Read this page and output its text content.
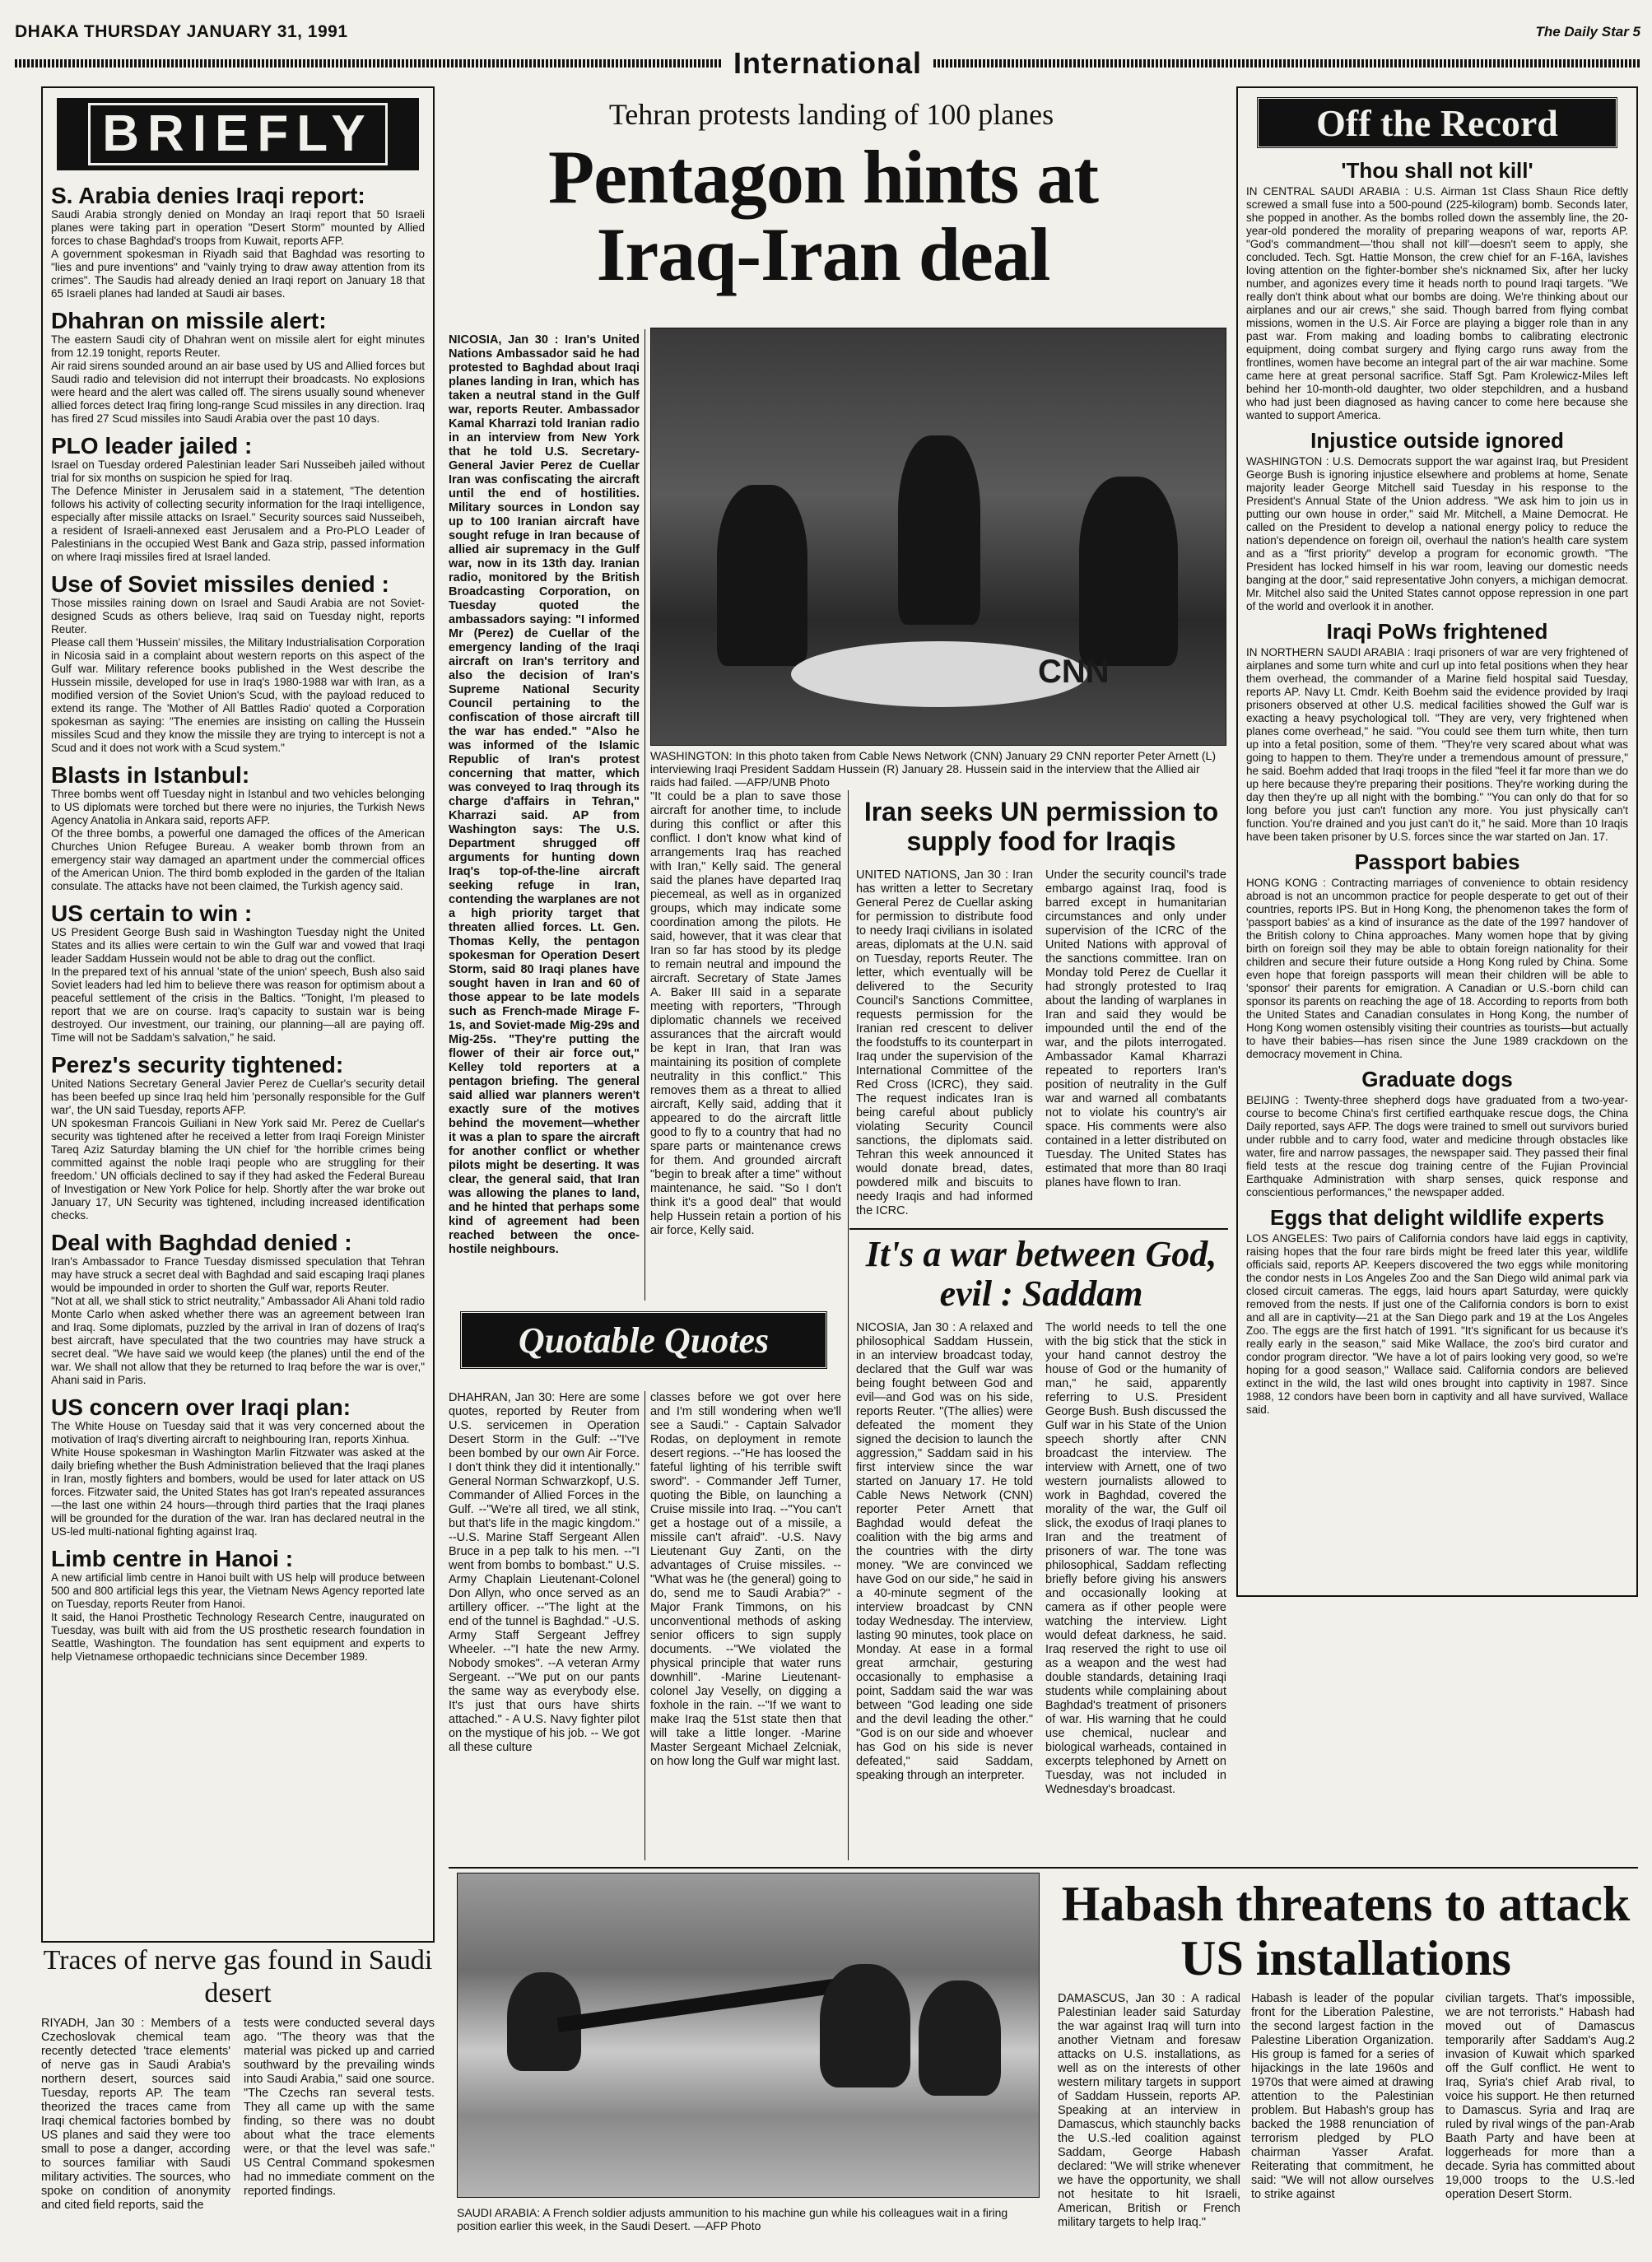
DHAKA THURSDAY JANUARY 31, 1991	The Daily Star 5
International
BRIEFLY
S. Arabia denies Iraqi report:

Saudi Arabia strongly denied on Monday an Iraqi report that 50 Israeli planes were taking part in operation "Desert Storm" mounted by Allied forces to chase Baghdad's troops from Kuwait, reports AFP.
A government spokesman in Riyadh said that Baghdad was resorting to "lies and pure inventions" and "vainly trying to draw away attention from its crimes". The Saudis had already denied an Iraqi report on January 18 that 65 Israeli planes had landed at Saudi air bases.

Dhahran on missile alert:

The eastern Saudi city of Dhahran went on missile alert for eight minutes from 12.19 tonight, reports Reuter.
Air raid sirens sounded around an air base used by US and Allied forces but Saudi radio and television did not interrupt their broadcasts. No explosions were heard and the alert was called off. The sirens usually sound whenever allied forces detect Iraq firing long-range Scud missiles in any direction. Iraq has fired 27 Scud missiles into Saudi Arabia over the past 10 days.

PLO leader jailed :

Israel on Tuesday ordered Palestinian leader Sari Nusseibeh jailed without trial for six months on suspicion he spied for Iraq.
The Defence Minister in Jerusalem said in a statement, "The detention follows his activity of collecting security information for the Iraqi intelligence, especially after missile attacks on Israel." Security sources said Nusseibeh, a resident of Israeli-annexed east Jerusalem and a Pro-PLO Leader of Palestinians in the occupied West Bank and Gaza strip, passed information on where Iraqi missiles fired at Israel landed.

Use of Soviet missiles denied :

Those missiles raining down on Israel and Saudi Arabia are not Soviet-designed Scuds as others believe, Iraq said on Tuesday night, reports Reuter.
Please call them 'Hussein' missiles, the Military Industrialisation Corporation in Nicosia said in a complaint about western reports on this aspect of the Gulf war. Military reference books published in the West describe the Hussein missile, developed for use in Iraq's 1980-1988 war with Iran, as a modified version of the Soviet Union's Scud, with the payload reduced to extend its range. The 'Mother of All Battles Radio' quoted a Corporation spokesman as saying: "The enemies are insisting on calling the Hussein missiles Scud and they know the missile they are trying to intercept is not a Scud and it does not work with a Scud system."

Blasts in Istanbul:

Three bombs went off Tuesday night in Istanbul and two vehicles belonging to US diplomats were torched but there were no injuries, the Turkish News Agency Anatolia in Ankara said, reports AFP.
Of the three bombs, a powerful one damaged the offices of the American Churches Union Refugee Bureau. A weaker bomb thrown from an emergency stair way damaged an apartment under the commercial offices of the American Union. The third bomb exploded in the garden of the Italian consulate. The attacks have not been claimed, the Turkish agency said.

US certain to win :

US President George Bush said in Washington Tuesday night the United States and its allies were certain to win the Gulf war and vowed that Iraqi leader Saddam Hussein would not be able to drag out the conflict.
In the prepared text of his annual 'state of the union' speech, Bush also said Soviet leaders had led him to believe there was reason for optimism about a peaceful settlement of the crisis in the Baltics. "Tonight, I'm pleased to report that we are on course. Iraq's capacity to sustain war is being destroyed. Our investment, our training, our planning—all are paying off. Time will not be Saddam's salvation," he said.

Perez's security tightened:

United Nations Secretary General Javier Perez de Cuellar's security detail has been beefed up since Iraq held him 'personally responsible for the Gulf war', the UN said Tuesday, reports AFP.
UN spokesman Francois Guiliani in New York said Mr. Perez de Cuellar's security was tightened after he received a letter from Iraqi Foreign Minister Tareq Aziz Saturday blaming the UN chief for 'the horrible crimes being committed against the noble Iraqi people who are struggling for their freedom.' UN officials declined to say if they had asked the Federal Bureau of Investigation or New York Police for help. Shortly after the war broke out January 17, UN Security was tightened, including increased identification checks.

Deal with Baghdad denied :

Iran's Ambassador to France Tuesday dismissed speculation that Tehran may have struck a secret deal with Baghdad and said escaping Iraqi planes would be impounded in order to shorten the Gulf war, reports Reuter.
"Not at all, we shall stick to strict neutrality," Ambassador Ali Ahani told radio Monte Carlo when asked whether there was an agreement between Iran and Iraq. Some diplomats, puzzled by the arrival in Iran of dozens of Iraq's best aircraft, have speculated that the two countries may have struck a secret deal. "We have said we would keep (the planes) until the end of the war. We shall not allow that they be returned to Iraq before the war is over," Ahani said in Paris.

US concern over Iraqi plan:

The White House on Tuesday said that it was very concerned about the motivation of Iraq's diverting aircraft to neighbouring Iran, reports Xinhua.
White House spokesman in Washington Marlin Fitzwater was asked at the daily briefing whether the Bush Administration believed that the Iraqi planes in Iran, mostly fighters and bombers, would be used for later attack on US forces. Fitzwater said, the United States has got Iran's repeated assurances—the last one within 24 hours—through third parties that the Iraqi planes will be grounded for the duration of the war. Iran has declared neutral in the US-led multi-national fighting against Iraq.

Limb centre in Hanoi :

A new artificial limb centre in Hanoi built with US help will produce between 500 and 800 artificial legs this year, the Vietnam News Agency reported late on Tuesday, reports Reuter from Hanoi.
It said, the Hanoi Prosthetic Technology Research Centre, inaugurated on Tuesday, was built with aid from the US prosthetic research foundation in Seattle, Washington. The foundation has sent equipment and experts to help Vietnamese orthopaedic technicians since December 1989.

Traces of nerve gas found in Saudi desert
RIYADH, Jan 30 : Members of a Czechoslovak chemical team recently detected 'trace elements' of nerve gas in Saudi Arabia's northern desert, sources said Tuesday, reports AP. The team theorized the traces came from Iraqi chemical factories bombed by US planes and said they were too small to pose a danger, according to sources familiar with Saudi military activities. The sources, who spoke on condition of anonymity and cited field reports, said the
tests were conducted several days ago. "The theory was that the material was picked up and carried southward by the prevailing winds into Saudi Arabia," said one source. "The Czechs ran several tests. They all came up with the same finding, so there was no doubt about what the trace elements were, or that the level was safe." US Central Command spokesmen had no immediate comment on the reported findings.
Tehran protests landing of 100 planes
Pentagon hints at Iraq-Iran deal
NICOSIA, Jan 30 : Iran's United Nations Ambassador said he had protested to Baghdad about Iraqi planes landing in Iran, which has taken a neutral stand in the Gulf war, reports Reuter. Ambassador Kamal Kharrazi told Iranian radio in an interview from New York that he told U.S. Secretary-General Javier Perez de Cuellar Iran was confiscating the aircraft until the end of hostilities. Military sources in London say up to 100 Iranian aircraft have sought refuge in Iran because of allied air supremacy in the Gulf war, now in its 13th day. Iranian radio, monitored by the British Broadcasting Corporation, on Tuesday quoted the ambassadors saying: "I informed Mr (Perez) de Cuellar of the emergency landing of the Iraqi aircraft on Iran's territory and also the decision of Iran's Supreme National Security Council pertaining to the confiscation of those aircraft till the war has ended." "Also he was informed of the Islamic Republic of Iran's protest concerning that matter, which was conveyed to Iraq through its charge d'affairs in Tehran," Kharrazi said. AP from Washington says: The U.S. Department shrugged off arguments for hunting down Iraq's top-of-the-line aircraft seeking refuge in Iran, contending the warplanes are not a high priority target that threaten allied forces. Lt. Gen. Thomas Kelly, the pentagon spokesman for Operation Desert Storm, said 80 Iraqi planes have sought haven in Iran and 60 of those appear to be late models such as French-made Mirage F-1s, and Soviet-made Mig-29s and Mig-25s. "They're putting the flower of their air force out," Kelley told reporters at a pentagon briefing. The general said allied war planners weren't exactly sure of the motives behind the movement—whether it was a plan to spare the aircraft for another conflict or whether pilots might be deserting. It was clear, the general said, that Iran was allowing the planes to land, and he hinted that perhaps some kind of agreement had been reached between the once-hostile neighbours.
CNN
WASHINGTON: In this photo taken from Cable News Network (CNN) January 29 CNN reporter Peter Arnett (L) interviewing Iraqi President Saddam Hussein (R) January 28. Hussein said in the interview that the Allied air raids had failed. —AFP/UNB Photo
"It could be a plan to save those aircraft for another time, to include during this conflict or after this conflict. I don't know what kind of arrangements Iraq has reached with Iran," Kelly said. The general said the planes have departed Iraq piecemeal, as well as in organized groups, which may indicate some coordination among the pilots. He said, however, that it was clear that Iran so far has stood by its pledge to remain neutral and impound the aircraft. Secretary of State James A. Baker III said in a separate meeting with reporters, "Through diplomatic channels we received assurances that the aircraft would be kept in Iran, that Iran was maintaining its position of complete neutrality in this conflict." This removes them as a threat to allied aircraft, Kelly said, adding that it appeared to do the aircraft little good to fly to a country that had no spare parts or maintenance crews for them. And grounded aircraft "begin to break after a time" without maintenance, he said. "So I don't think it's a good deal" that would help Hussein retain a portion of his air force, Kelly said.
Iran seeks UN permission to supply food for Iraqis
UNITED NATIONS, Jan 30 : Iran has written a letter to Secretary General Perez de Cuellar asking for permission to distribute food to needy Iraqi civilians in isolated areas, diplomats at the U.N. said on Tuesday, reports Reuter. The letter, which eventually will be delivered to the Security Council's Sanctions Committee, requests permission for the Iranian red crescent to deliver the foodstuffs to its counterpart in Iraq under the supervision of the International Committee of the Red Cross (ICRC), they said. The request indicates Iran is being careful about publicly violating Security Council sanctions, the diplomats said. Tehran this week announced it would donate bread, dates, powdered milk and biscuits to needy Iraqis and had informed the ICRC.
Under the security council's trade embargo against Iraq, food is barred except in humanitarian circumstances and only under supervision of the ICRC of the United Nations with approval of the sanctions committee. Iran on Monday told Perez de Cuellar it had strongly protested to Iraq about the landing of warplanes in Iran and said they would be impounded until the end of the war, and the pilots interrogated. Ambassador Kamal Kharrazi repeated to reporters Iran's position of neutrality in the Gulf war and warned all combatants not to violate his country's air space. His comments were also contained in a letter distributed on Tuesday. The United States has estimated that more than 80 Iraqi planes have flown to Iran.
It's a war between God, evil : Saddam
NICOSIA, Jan 30 : A relaxed and philosophical Saddam Hussein, in an interview broadcast today, declared that the Gulf war was being fought between God and evil—and God was on his side, reports Reuter. "(The allies) were defeated the moment they signed the decision to launch the aggression," Saddam said in his first interview since the war started on January 17. He told Cable News Network (CNN) reporter Peter Arnett that Baghdad would defeat the coalition with the big arms and the countries with the dirty money. "We are convinced we have God on our side," he said in a 40-minute segment of the interview broadcast by CNN today Wednesday. The interview, lasting 90 minutes, took place on Monday. At ease in a formal great armchair, gesturing occasionally to emphasise a point, Saddam said the war was between "God leading one side and the devil leading the other." "God is on our side and whoever has God on his side is never defeated," said Saddam, speaking through an interpreter.
The world needs to tell the one with the big stick that the stick in your hand cannot destroy the house of God or the humanity of man," he said, apparently referring to U.S. President George Bush. Bush discussed the Gulf war in his State of the Union speech shortly after CNN broadcast the interview. The interview with Arnett, one of two western journalists allowed to work in Baghdad, covered the morality of the war, the Gulf oil slick, the exodus of Iraqi planes to Iran and the treatment of prisoners of war. The tone was philosophical, Saddam reflecting briefly before giving his answers and occasionally looking at camera as if other people were watching the interview. Light would defeat darkness, he said. Iraq reserved the right to use oil as a weapon and the west had double standards, detaining Iraqi students while complaining about Baghdad's treatment of prisoners of war. His warning that he could use chemical, nuclear and biological warheads, contained in excerpts telephoned by Arnett on Tuesday, was not included in Wednesday's broadcast.
Quotable Quotes
DHAHRAN, Jan 30: Here are some quotes, reported by Reuter from U.S. servicemen in Operation Desert Storm in the Gulf: --"I've been bombed by our own Air Force. I don't think they did it intentionally." General Norman Schwarzkopf, U.S. Commander of Allied Forces in the Gulf. --"We're all tired, we all stink, but that's life in the magic kingdom." --U.S. Marine Staff Sergeant Allen Bruce in a pep talk to his men. --"I went from bombs to bombast." U.S. Army Chaplain Lieutenant-Colonel Don Allyn, who once served as an artillery officer. --"The light at the end of the tunnel is Baghdad." -U.S. Army Staff Sergeant Jeffrey Wheeler. --"I hate the new Army. Nobody smokes". --A veteran Army Sergeant. --"We put on our pants the same way as everybody else. It's just that ours have shirts attached." - A U.S. Navy fighter pilot on the mystique of his job. -- We got all these culture
classes before we got over here and I'm still wondering when we'll see a Saudi." - Captain Salvador Rodas, on deployment in remote desert regions. --"He has loosed the fateful lighting of his terrible swift sword". - Commander Jeff Turner, quoting the Bible, on launching a Cruise missile into Iraq. --"You can't get a hostage out of a missile, a missile can't afraid". -U.S. Navy Lieutenant Guy Zanti, on the advantages of Cruise missiles. --"What was he (the general) going to do, send me to Saudi Arabia?" - Major Frank Timmons, on his unconventional methods of asking senior officers to sign supply documents. --"We violated the physical principle that water runs downhill". -Marine Lieutenant-colonel Jay Veselly, on digging a foxhole in the rain. --"If we want to make Iraq the 51st state then that will take a little longer. -Marine Master Sergeant Michael Zelcniak, on how long the Gulf war might last.
SAUDI ARABIA: A French soldier adjusts ammunition to his machine gun while his colleagues wait in a firing position earlier this week, in the Saudi Desert. —AFP Photo
Habash threatens to attack US installations
DAMASCUS, Jan 30 : A radical Palestinian leader said Saturday the war against Iraq will turn into another Vietnam and foresaw attacks on U.S. installations, as well as on the interests of other western military targets in support of Saddam Hussein, reports AP. Speaking at an interview in Damascus, which staunchly backs the U.S.-led coalition against Saddam, George Habash declared: "We will strike whenever we have the opportunity, we shall not hesitate to hit Israeli, American, British or French military targets to help Iraq."
Habash is leader of the popular front for the Liberation Palestine, the second largest faction in the Palestine Liberation Organization. His group is famed for a series of hijackings in the late 1960s and 1970s that were aimed at drawing attention to the Palestinian problem. But Habash's group has backed the 1988 renunciation of terrorism pledged by PLO chairman Yasser Arafat. Reiterating that commitment, he said: "We will not allow ourselves to strike against
civilian targets. That's impossible, we are not terrorists." Habash had moved out of Damascus temporarily after Saddam's Aug.2 invasion of Kuwait which sparked off the Gulf conflict. He went to Iraq, Syria's chief Arab rival, to voice his support. He then returned to Damascus. Syria and Iraq are ruled by rival wings of the pan-Arab Baath Party and have been at loggerheads for more than a decade. Syria has committed about 19,000 troops to the U.S.-led operation Desert Storm.
Off the Record
'Thou shall not kill'
IN CENTRAL SAUDI ARABIA : U.S. Airman 1st Class Shaun Rice deftly screwed a small fuse into a 500-pound (225-kilogram) bomb. Seconds later, she popped in another. As the bombs rolled down the assembly line, the 20-year-old pondered the morality of preparing weapons of war, reports AP. "God's commandment—'thou shall not kill'—doesn't seem to apply, she concluded. Tech. Sgt. Hattie Monson, the crew chief for an F-16A, lavishes loving attention on the fighter-bomber she's nicknamed Six, after her lucky number, and agonizes every time it heads north to pound Iraqi targets. "We really don't think about what our bombs are doing. We're thinking about our airplanes and our air crews," she said. Though barred from flying combat missions, women in the U.S. Air Force are playing a bigger role than in any past war. From making and loading bombs to calibrating electronic equipment, doing combat surgery and flying cargo runs away from the frontlines, women have become an integral part of the air war machine. Some came here at great personal sacrifice. Staff Sgt. Pam Krolewicz-Miles left behind her 10-month-old daughter, two older stepchildren, and a husband who had just been diagnosed as having cancer to come here because she wanted to support America.
Injustice outside ignored
WASHINGTON : U.S. Democrats support the war against Iraq, but President George Bush is ignoring injustice elsewhere and problems at home, Senate majority leader George Mitchell said Tuesday in his response to the President's Annual State of the Union address. "We ask him to join us in putting our own house in order," said Mr. Mitchell, a Maine Democrat. He called on the President to develop a national energy policy to reduce the nation's dependence on foreign oil, overhaul the nation's health care system and as a "first priority" develop a program for economic growth. "The President has locked himself in his war room, leaving our domestic needs banging at the door," said representative John conyers, a michigan democrat. Mr. Mitchel also said the United States cannot oppose repression in one part of the world and overlook it in another.
Iraqi PoWs frightened
IN NORTHERN SAUDI ARABIA : Iraqi prisoners of war are very frightened of airplanes and some turn white and curl up into fetal positions when they hear them overhead, the commander of a Marine field hospital said Tuesday, reports AP. Navy Lt. Cmdr. Keith Boehm said the evidence provided by Iraqi prisoners observed at other U.S. medical facilities showed the Gulf war is exacting a heavy psychological toll. "They are very, very frightened when planes come overhead," he said. "You could see them turn white, then turn up into a fetal position, some of them. "They're very scared about what was going to happen to them. They're under a tremendous amount of pressure," he said. Boehm added that Iraqi troops in the filed "feel it far more than we do up here because they're preparing their positions. They're working during the day then they're up all night with the bombing." "You can only do that for so long before you just can't function any more. You just physically can't function. You're drained and you just can't do it," he said. More than 10 Iraqis have been taken prisoner by U.S. forces since the war started on Jan. 17.
Passport babies
HONG KONG : Contracting marriages of convenience to obtain residency abroad is not an uncommon practice for people desperate to get out of their countries, reports IPS. But in Hong Kong, the phenomenon takes the form of 'passport babies' as a kind of insurance as the date of the 1997 handover of the British colony to China approaches. Many women hope that by giving birth on foreign soil they may be able to obtain foreign nationality for their children and secure their future outside a Hong Kong ruled by China. Some even hope that foreign passports will mean their children will be able to 'sponsor' their parents for emigration. A Canadian or U.S.-born child can sponsor its parents on reaching the age of 18. According to reports from both the United States and Canadian consulates in Hong Kong, the number of Hong Kong women ostensibly visiting their countries as tourists—but actually to have their babies—has risen since the June 1989 crackdown on the democracy movement in China.
Graduate dogs
BEIJING : Twenty-three shepherd dogs have graduated from a two-year-course to become China's first certified earthquake rescue dogs, the China Daily reported, says AFP. The dogs were trained to smell out survivors buried under rubble and to carry food, water and medicine through obstacles like water, fire and narrow passages, the newspaper said. They passed their final field tests at the rescue dog training centre of the Fujian Provincial Earthquake Administration with sharp senses, quick response and conscientious performances," the newspaper added.
Eggs that delight wildlife experts
LOS ANGELES: Two pairs of California condors have laid eggs in captivity, raising hopes that the four rare birds might be freed later this year, wildlife officials said, reports AP. Keepers discovered the two eggs while monitoring the condor nests in Los Angeles Zoo and the San Diego wild animal park via closed circuit cameras. The eggs, laid hours apart Saturday, were quickly removed from the nests. If just one of the California condors is born to exist and all are in captivity—21 at the San Diego park and 19 at the Los Angeles Zoo. The eggs are the first hatch of 1991. "It's significant for us because it's really early in the season," said Mike Wallace, the zoo's bird curator and condor program director. "We have a lot of pairs looking very good, so we're hoping for a good season," Wallace said. California condors are believed extinct in the wild, the last wild ones brought into captivity in 1987. Since 1988, 12 condors have been born in captivity and all have survived, Wallace said.
